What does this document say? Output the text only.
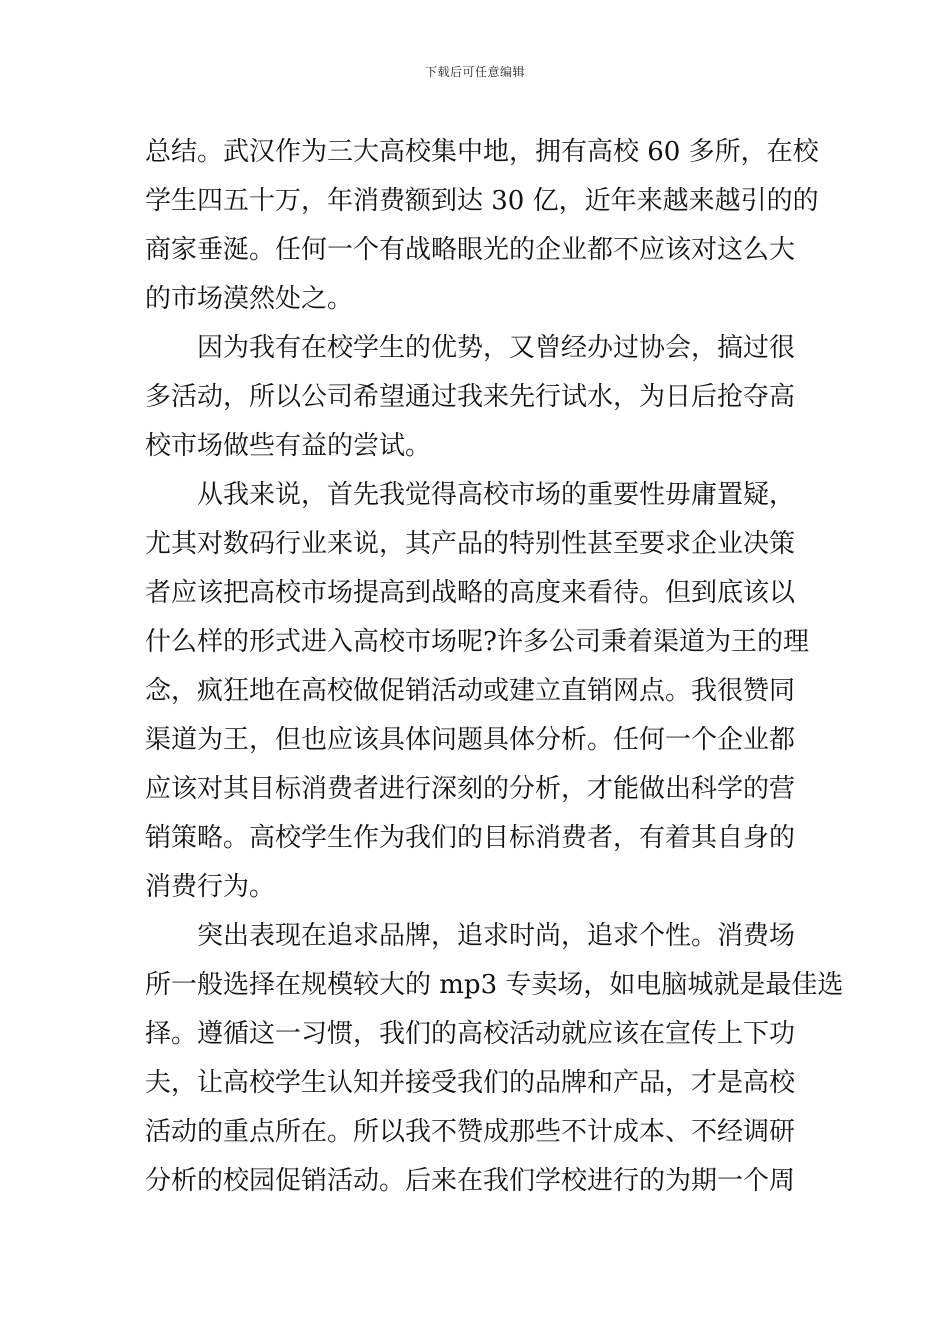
下载后可任意编辑
总结。武汉作为三大高校集中地，拥有高校 60 多所，在校
学生四五十万，年消费额到达 30 亿，近年来越来越引的的
商家垂涎。任何一个有战略眼光的企业都不应该对这么大
的市场漠然处之。
因为我有在校学生的优势，又曾经办过协会，搞过很
多活动，所以公司希望通过我来先行试水，为日后抢夺高
校市场做些有益的尝试。
从我来说，首先我觉得高校市场的重要性毋庸置疑，
尤其对数码行业来说，其产品的特别性甚至要求企业决策
者应该把高校市场提高到战略的高度来看待。但到底该以
什么样的形式进入高校市场呢?许多公司秉着渠道为王的理
念，疯狂地在高校做促销活动或建立直销网点。我很赞同
渠道为王，但也应该具体问题具体分析。任何一个企业都
应该对其目标消费者进行深刻的分析，才能做出科学的营
销策略。高校学生作为我们的目标消费者，有着其自身的
消费行为。
突出表现在追求品牌，追求时尚，追求个性。消费场
所一般选择在规模较大的 mp3 专卖场，如电脑城就是最佳选
择。遵循这一习惯，我们的高校活动就应该在宣传上下功
夫，让高校学生认知并接受我们的品牌和产品，才是高校
活动的重点所在。所以我不赞成那些不计成本、不经调研
分析的校园促销活动。后来在我们学校进行的为期一个周
